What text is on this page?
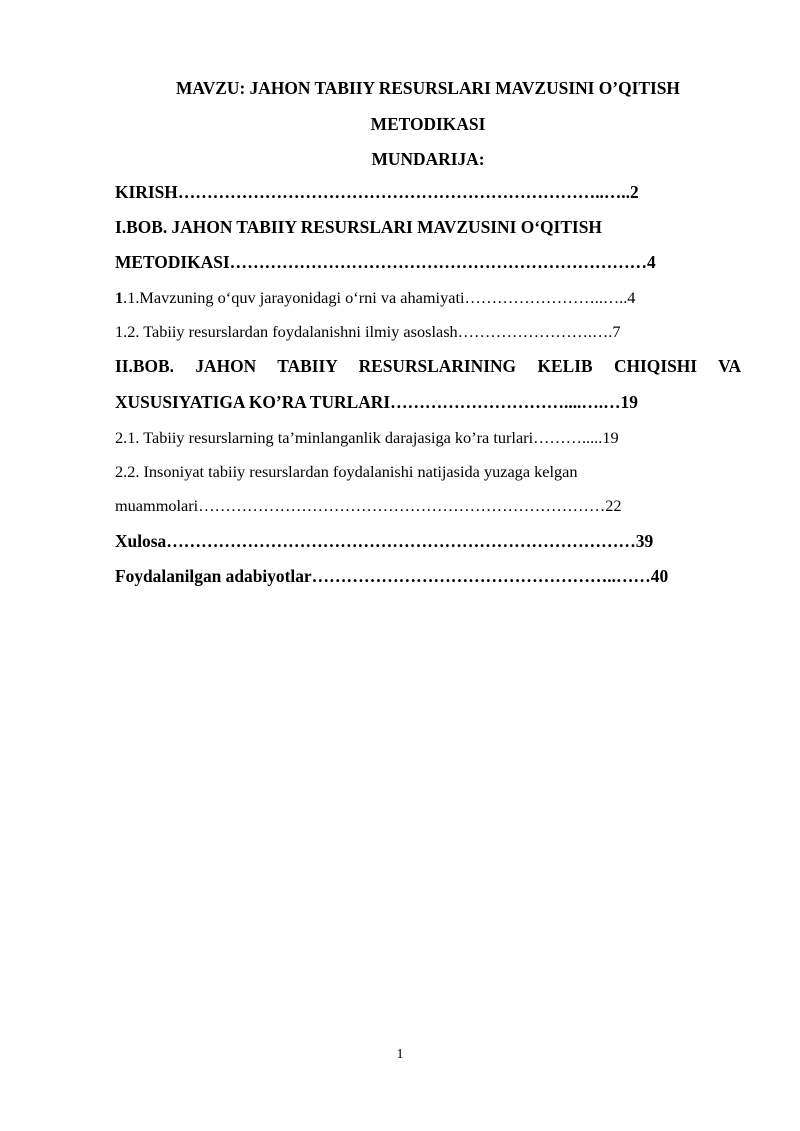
MAVZU: JAHON TABIIY RESURSLARI MAVZUSINI O’QITISH
METODIKASI
MUNDARIJA:
KIRISH………………………………………………………………..…..2
I.BOB. JAHON TABIIY RESURSLARI MAVZUSINI O‘QITISH
METODIKASI………………………………………………………………4
1.1.Mavzuning o‘quv jarayonidagi o‘rni va ahamiyati……………………..…..4
1.2. Tabiiy resurslardan foydalanishni ilmiy asoslash…………………….….7
II.BOB. JAHON TABIIY RESURSLARINING KELIB CHIQISHI VA
XUSUSIYATIGA KO’RA TURLARI…………………………....….…19
2.1. Tabiiy resurslarning ta’minlanganlik darajasiga ko’ra turlari……….....19
2.2. Insoniyat tabiiy resurslardan foydalanishi natijasida yuzaga kelgan
muammolari…………………………………………………………………22
Xulosa………………………………………………………………………39
Foydalanilgan adabiyotlar……………………………………………..……40
1
